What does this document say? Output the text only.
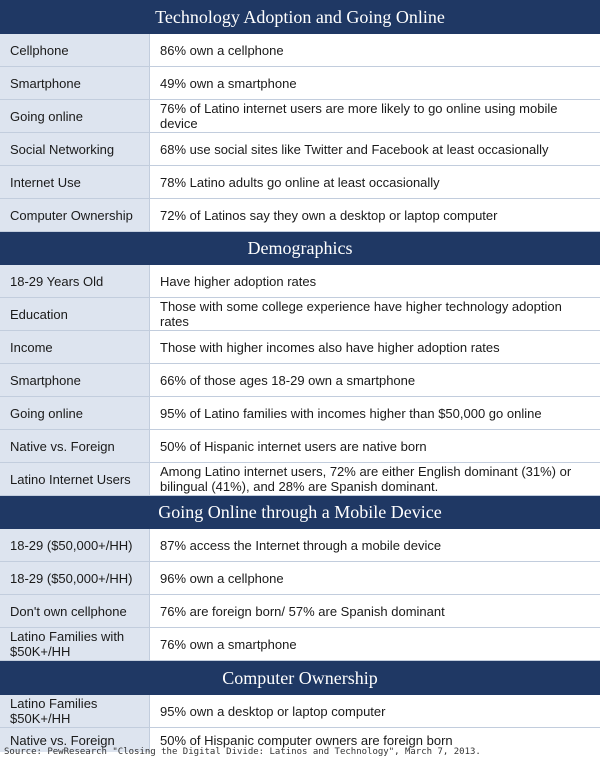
Technology Adoption and Going Online
Cellphone	86% own a cellphone
Smartphone	49% own a smartphone
Going online	76% of Latino internet users are more likely to go online using mobile device
Social Networking	68% use social sites like Twitter and Facebook at least occasionally
Internet Use	78% Latino adults go online at least occasionally
Computer Ownership	72% of Latinos say they own a desktop or laptop computer
Demographics
18-29 Years Old	Have higher adoption rates
Education	Those with some college experience have higher technology adoption rates
Income	Those with higher incomes also have higher adoption rates
Smartphone	66% of those ages 18-29 own a smartphone
Going online	95% of Latino families with incomes higher than $50,000 go online
Native vs. Foreign	50% of Hispanic internet users are native born
Latino Internet Users	Among Latino internet users, 72% are either English dominant (31%) or bilingual (41%), and 28% are Spanish dominant.
Going Online through a Mobile Device
18-29 ($50,000+/HH)	87% access the Internet through a mobile device
18-29 ($50,000+/HH)	96% own a cellphone
Don't own cellphone	76% are foreign born/ 57% are Spanish dominant
Latino Families with $50K+/HH	76% own a smartphone
Computer Ownership
Latino Families $50K+/HH	95% own a desktop or laptop computer
Native vs. Foreign	50% of Hispanic computer owners are foreign born
Source: PewResearch "Closing the Digital Divide: Latinos and Technology", March 7, 2013.
